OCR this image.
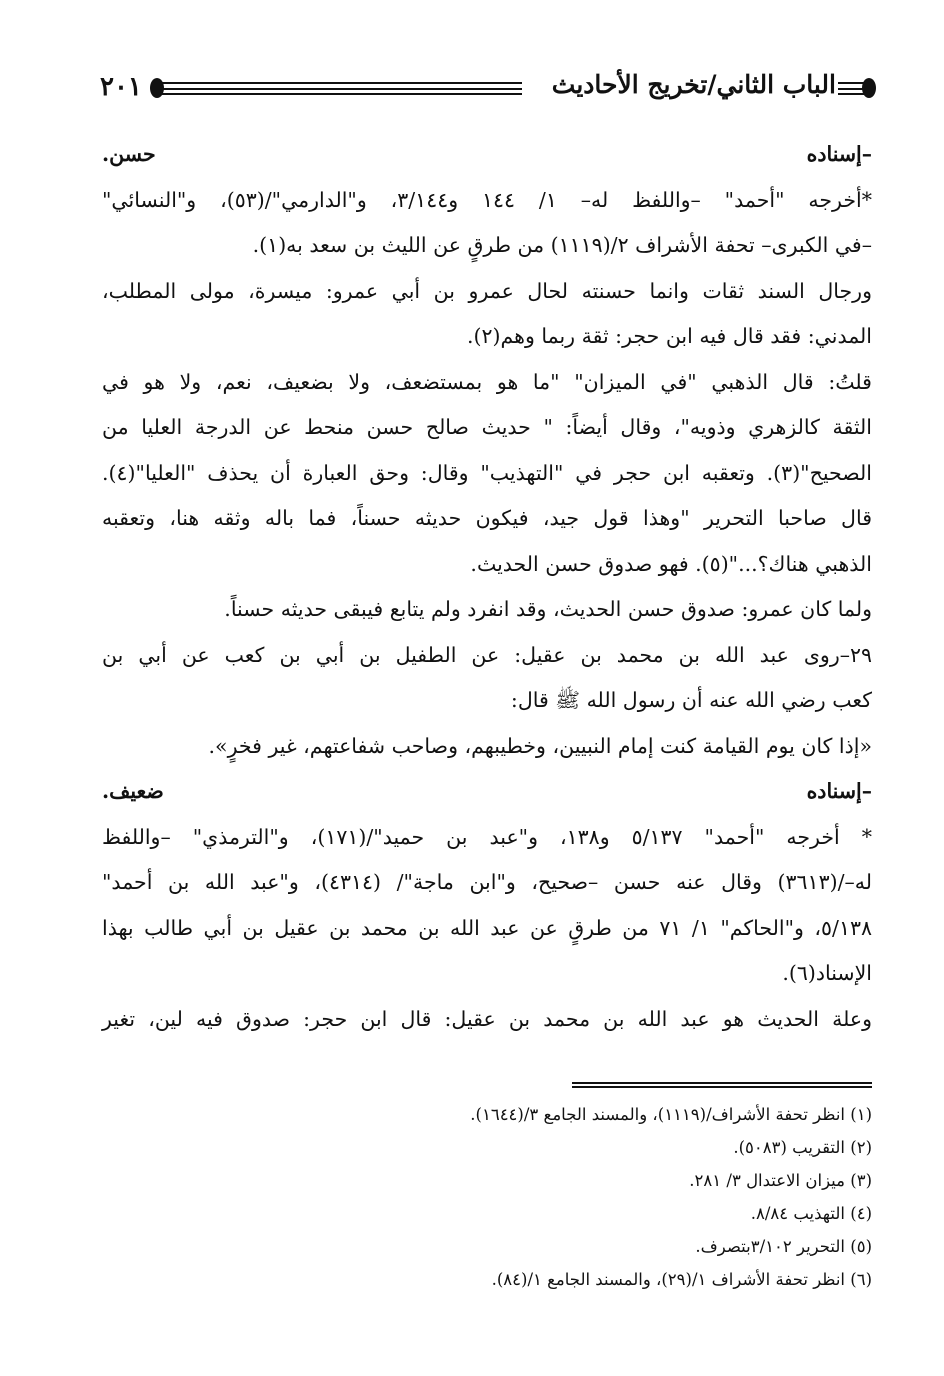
٢٠١	الباب الثاني/تخريج الأحاديث
–إسناده حسن.
*أخرجه "أحمد" –واللفظ له– ١/ ١٤٤ و٣/١٤٤، و"الدارمي"/(٥٣)، و"النسائي"
–في الكبرى– تحفة الأشراف ٢/(١١١٩) من طرقٍ عن الليث بن سعد به(١).
ورجال السند ثقات وانما حسنته لحال عمرو بن أبي عمرو: ميسرة، مولى المطلب،
المدني: فقد قال فيه ابن حجر: ثقة ربما وهم(٢).
قلتُ: قال الذهبي "في الميزان" "ما هو بمستضعف، ولا بضعيف، نعم، ولا هو في
الثقة كالزهري وذويه"، وقال أيضاً: " حديث صالح حسن منحط عن الدرجة العليا من
الصحيح"(٣). وتعقبه ابن حجر في "التهذيب" وقال: وحق العبارة أن يحذف "العليا"(٤).
قال صاحبا التحرير "وهذا قول جيد، فيكون حديثه حسناً، فما باله وثقه هنا، وتعقبه
الذهبي هناك؟..."(٥). فهو صدوق حسن الحديث.
ولما كان عمرو: صدوق حسن الحديث، وقد انفرد ولم يتابع فيبقى حديثه حسناً.
٢٩–روى عبد الله بن محمد بن عقيل: عن الطفيل بن أبي بن كعب عن أبي بن
كعب رضي الله عنه أن رسول الله ﷺ قال:
«إذا كان يوم القيامة كنت إمام النبيين، وخطيبهم، وصاحب شفاعتهم، غير فخرٍ».
–إسناده ضعيف.
* أخرجه "أحمد" ٥/١٣٧ و١٣٨، و"عبد بن حميد"/(١٧١)، و"الترمذي" –واللفظ
له–/(٣٦١٣) وقال عنه حسن –صحيح، و"ابن ماجة"/ (٤٣١٤)، و"عبد الله بن أحمد"
٥/١٣٨، و"الحاكم" ١/ ٧١ من طرقٍ عن عبد الله بن محمد بن عقيل بن أبي طالب بهذا
الإسناد(٦).
وعلة الحديث هو عبد الله بن محمد بن عقيل: قال ابن حجر: صدوق فيه لين، تغير
(١) انظر تحفة الأشراف/(١١١٩)، والمسند الجامع ٣/(١٦٤٤).
(٢) التقريب (٥٠٨٣).
(٣) ميزان الاعتدال ٣/ ٢٨١.
(٤) التهذيب ٨/٨٤.
(٥) التحرير ٣/١٠٢بتصرف.
(٦) انظر تحفة الأشراف ١/(٢٩)، والمسند الجامع ١/(٨٤).
